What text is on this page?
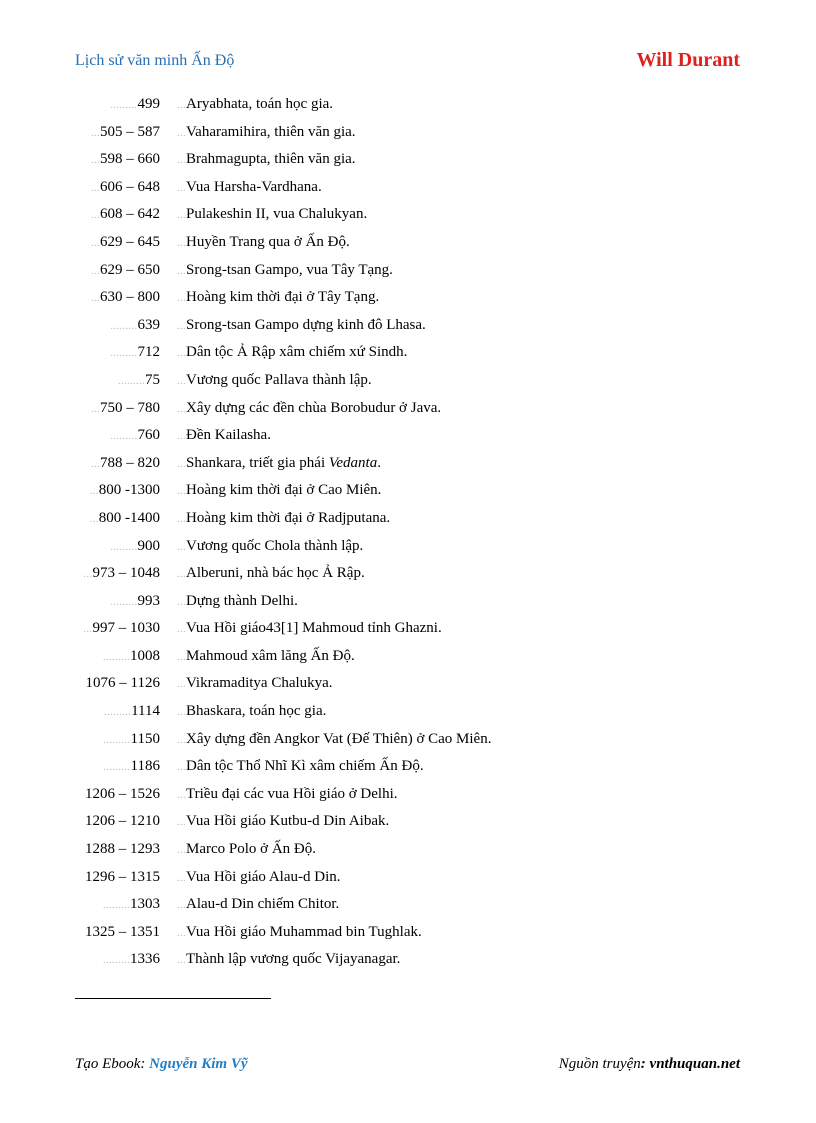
Lịch sử văn minh Ấn Độ	Will Durant
.........499 ...Aryabhata, toán học gia.
...505 – 587 ...Vaharamihira, thiên văn gia.
...598 – 660 ...Brahmagupta, thiên văn gia.
...606 – 648 ...Vua Harsha-Vardhana.
...608 – 642 ...Pulakeshin II, vua Chalukyan.
...629 – 645 ...Huyền Trang qua ở Ấn Độ.
...629 – 650 ...Srong-tsan Gampo, vua Tây Tạng.
...630 – 800 ...Hoàng kim thời đại ở Tây Tạng.
.........639 ...Srong-tsan Gampo dựng kinh đô Lhasa.
.........712 ...Dân tộc Ả Rập xâm chiếm xứ Sindh.
.........75 ...Vương quốc Pallava thành lập.
...750 – 780 ...Xây dựng các đền chùa Borobudur ở Java.
.........760 ...Đền Kailasha.
...788 – 820 ...Shankara, triết gia phái Vedanta.
...800 -1300 ...Hoàng kim thời đại ở Cao Miên.
...800 -1400 ...Hoàng kim thời đại ở Radjputana.
.........900 ...Vương quốc Chola thành lập.
...973 – 1048 ...Alberuni, nhà bác học Ả Rập.
.........993 ...Dựng thành Delhi.
...997 – 1030 ...Vua Hồi giáo43[1] Mahmoud tỉnh Ghazni.
.........1008 ...Mahmoud xâm lăng Ấn Độ.
1076 – 1126 ...Vikramaditya Chalukya.
.........1114 ...Bhaskara, toán học gia.
.........1150 ...Xây dựng đền Angkor Vat (Đế Thiên) ở Cao Miên.
.........1186 ...Dân tộc Thổ Nhĩ Kì xâm chiếm Ấn Độ.
1206 – 1526 ...Triều đại các vua Hồi giáo ở Delhi.
1206 – 1210 ...Vua Hồi giáo Kutbu-d Din Aibak.
1288 – 1293 ...Marco Polo ở Ấn Độ.
1296 – 1315 ...Vua Hồi giáo Alau-d Din.
.........1303 ...Alau-d Din chiếm Chitor.
1325 – 1351 ...Vua Hồi giáo Muhammad bin Tughlak.
.........1336 ...Thành lập vương quốc Vijayanagar.
Tạo Ebook: Nguyễn Kim Vỹ	Nguồn truyện: vnthuquan.net
